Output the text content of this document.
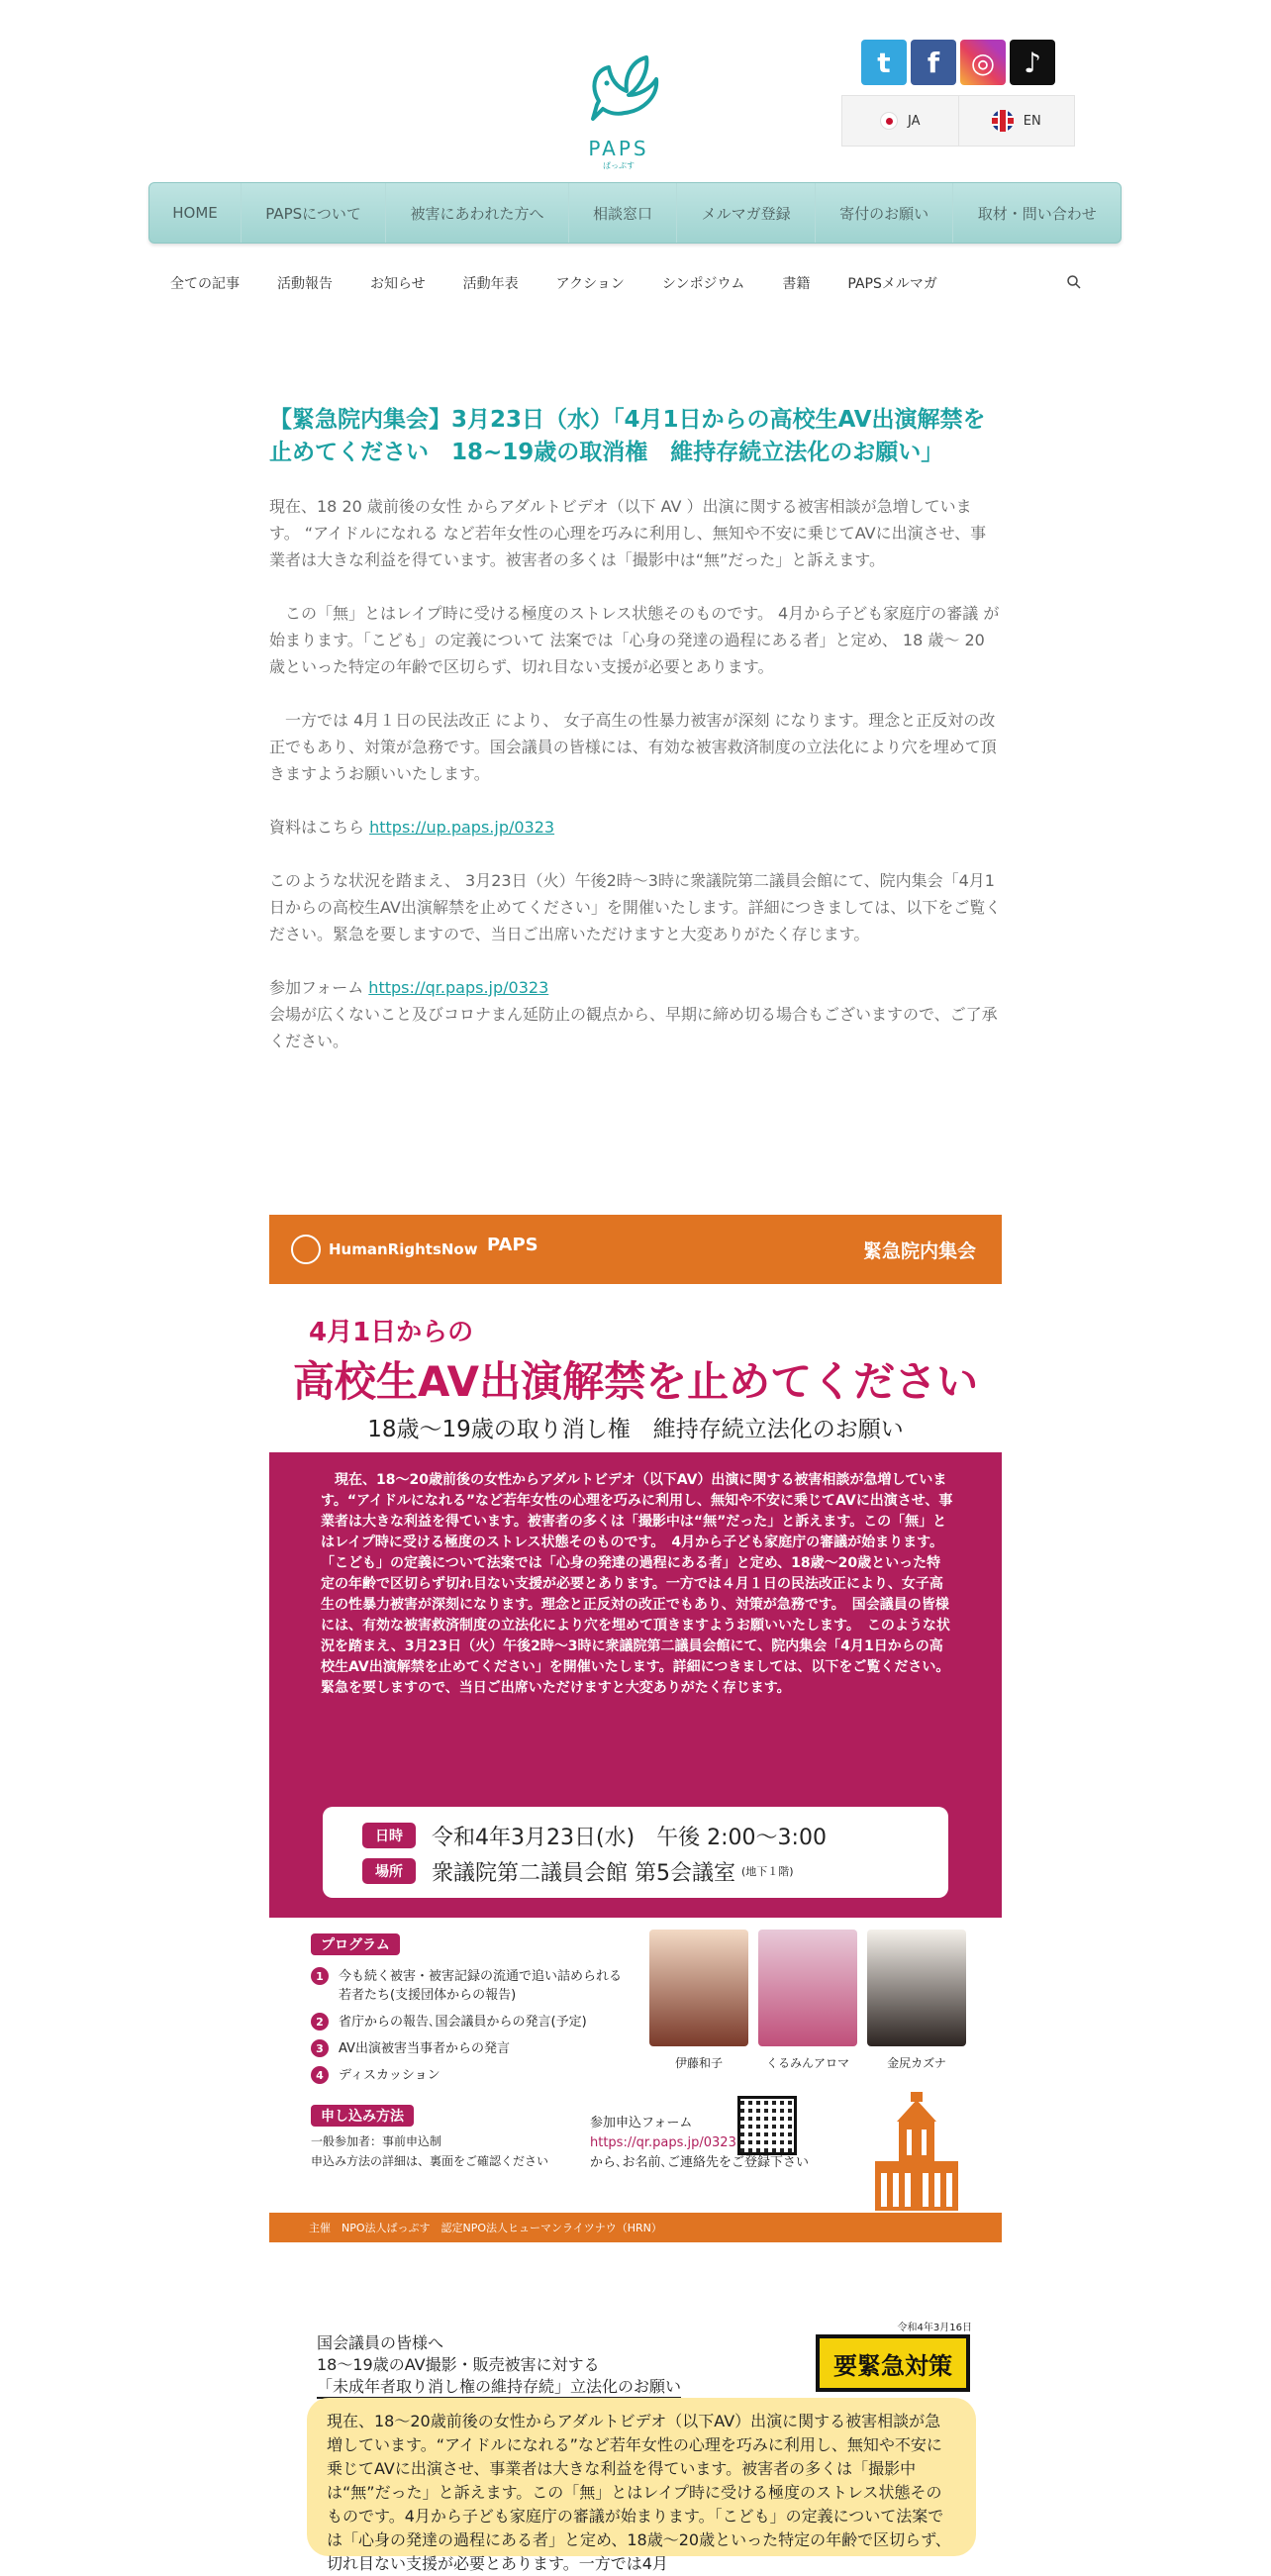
PAPS
ぱっぷす
t	f	◎	♪
JA	EN
HOME	PAPSについて	被害にあわれた方へ	相談窓口	メルマガ登録	寄付のお願い	取材・問い合わせ
全ての記事	活動報告	お知らせ	活動年表	アクション	シンポジウム	書籍	PAPSメルマガ
【緊急院内集会】3月23日（水）「4月1日からの高校生AV出演解禁を止めてください　18~19歳の取消権　維持存続立法化のお願い」

現在、18 20 歳前後の女性 からアダルトビデオ（以下 AV ）出演に関する被害相談が急増しています。 “アイドルになれる など若年女性の心理を巧みに利用し、無知や不安に乗じてAVに出演させ、事業者は大きな利益を得ています。被害者の多くは「撮影中は“無”だった」と訴えます。

　この「無」とはレイプ時に受ける極度のストレス状態そのものです。 4月から子ども家庭庁の審議 が始まります。「こども」の定義について 法案では「心身の発達の過程にある者」と定め、 18 歳～ 20 歳といった特定の年齢で区切らず、切れ目ない支援が必要とあります。

　一方では 4月１日の民法改正 により、 女子高生の性暴力被害が深刻 になります。理念と正反対の改正でもあり、対策が急務です。国会議員の皆様には、有効な被害救済制度の立法化により穴を埋めて頂きますようお願いいたします。

資料はこちら https://up.paps.jp/0323

このような状況を踏まえ、 3月23日（火）午後2時～3時に衆議院第二議員会館にて、院内集会「4月1日からの高校生AV出演解禁を止めてください」を開催いたします。詳細につきましては、以下をご覧ください。緊急を要しますので、当日ご出席いただけますと大変ありがたく存じます。

参加フォーム https://qr.paps.jp/0323

会場が広くないこと及びコロナまん延防止の観点から、早期に締め切る場合もございますので、ご了承ください。

HumanRightsNow PAPS	緊急院内集会
4月1日からの
高校生AV出演解禁を止めてください
18歳～19歳の取り消し権　維持存続立法化のお願い
　現在、18～20歳前後の女性からアダルトビデオ（以下AV）出演に関する被害相談が急増しています。“アイドルになれる”など若年女性の心理を巧みに利用し、無知や不安に乗じてAVに出演させ、事業者は大きな利益を得ています。被害者の多くは「撮影中は“無”だった」と訴えます。この「無」とはレイプ時に受ける極度のストレス状態そのものです。　4月から子ども家庭庁の審議が始まります。「こども」の定義について法案では「心身の発達の過程にある者」と定め、18歳～20歳といった特定の年齢で区切らず切れ目ない支援が必要とあります。一方では４月１日の民法改正により、女子高生の性暴力被害が深刻になります。理念と正反対の改正でもあり、対策が急務です。　国会議員の皆様には、有効な被害救済制度の立法化により穴を埋めて頂きますようお願いいたします。　このような状況を踏まえ、3月23日（火）午後2時～3時に衆議院第二議員会館にて、院内集会「4月1日からの高校生AV出演解禁を止めてください」を開催いたします。詳細につきましては、以下をご覧ください。緊急を要しますので、当日ご出席いただけますと大変ありがたく存じます。
日時	令和4年3月23日(水)　午後 2:00～3:00
場所	衆議院第二議員会館 第5会議室 (地下１階)
プログラム
1	今も続く被害・被害記録の流通で追い詰められる若者たち(支援団体からの報告)
2	省庁からの報告､国会議員からの発言(予定)
3	AV出演被害当事者からの発言
4	ディスカッション
伊藤和子	くるみんアロマ	金尻カズナ
申し込み方法
一般参加者：事前申込制
申込み方法の詳細は、裏面をご確認ください
参加申込フォーム
https://qr.paps.jp/0323
から､お名前､ご連絡先をご登録下さい
主催　NPO法人ぱっぷす　認定NPO法人ヒューマンライツナウ（HRN）
令和4年3月16日
国会議員の皆様へ
18～19歳のAV撮影・販売被害に対する
「未成年者取り消し権の維持存続」立法化のお願い
要緊急対策
現在、18～20歳前後の女性からアダルトビデオ（以下AV）出演に関する被害相談が急増しています。“アイドルになれる”など若年女性の心理を巧みに利用し、無知や不安に乗じてAVに出演させ、事業者は大きな利益を得ています。被害者の多くは「撮影中は“無”だった」と訴えます。この「無」とはレイプ時に受ける極度のストレス状態そのものです。4月から子ども家庭庁の審議が始まります。「こども」の定義について法案では「心身の発達の過程にある者」と定め、18歳～20歳といった特定の年齢で区切らず、切れ目ない支援が必要とあります。一方では4月
